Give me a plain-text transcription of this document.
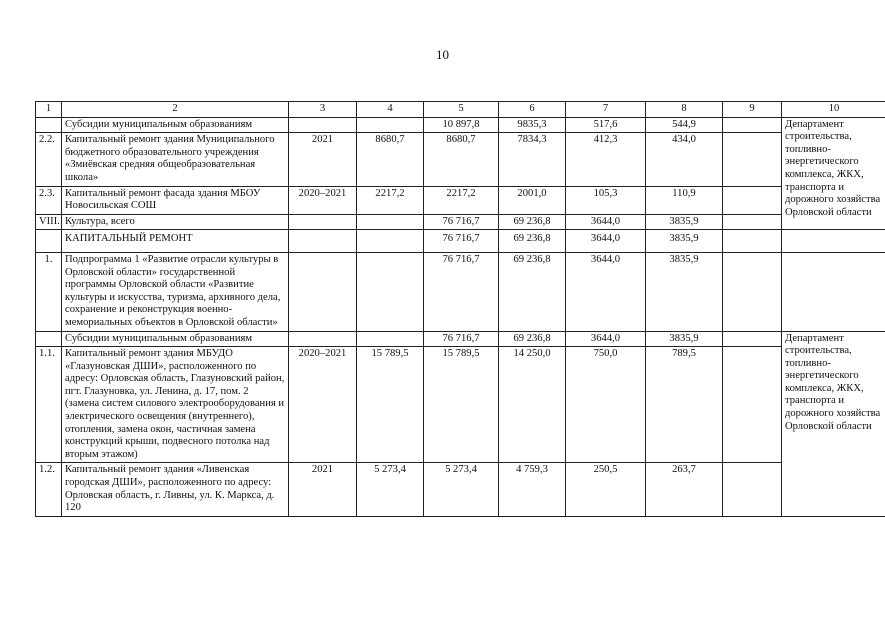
10
1	2	3	4	5	6	7	8	9	10
	Субсидии муниципальным образованиям			10 897,8	9835,3	517,6	544,9		Департамент строительства, топливно-энергетического комплекса, ЖКХ, транспорта и дорожного хозяйства Орловской области
2.2.	Капитальный ремонт здания Муниципального бюджетного образовательного учреждения «Змиёвская средняя общеобразовательная школа»	2021	8680,7	8680,7	7834,3	412,3	434,0		
2.3.	Капитальный ремонт фасада здания МБОУ Новосильская СОШ	2020–2021	2217,2	2217,2	2001,0	105,3	110,9		
VIII.	Культура, всего			76 716,7	69 236,8	3644,0	3835,9		
	КАПИТАЛЬНЫЙ РЕМОНТ			76 716,7	69 236,8	3644,0	3835,9		
1.	Подпрограмма 1 «Развитие отрасли культуры в Орловской области» государственной программы Орловской области «Развитие культуры и искусства, туризма, архивного дела, сохранение и реконструкция военно-мемориальных объектов в Орловской области»			76 716,7	69 236,8	3644,0	3835,9		
	Субсидии муниципальным образованиям			76 716,7	69 236,8	3644,0	3835,9		Департамент строительства, топливно-энергетического комплекса, ЖКХ, транспорта и дорожного хозяйства Орловской области
1.1.	Капитальный ремонт здания МБУДО «Глазуновская ДШИ», расположенного по адресу: Орловская область, Глазуновский район, пгт. Глазуновка, ул. Ленина, д. 17, пом. 2 (замена систем силового электрооборудования и электрического освещения (внутреннего), отопления, замена окон, частичная замена конструкций крыши, подвесного потолка над вторым этажом)	2020–2021	15 789,5	15 789,5	14 250,0	750,0	789,5		
1.2.	Капитальный ремонт здания «Ливенская городская ДШИ», расположенного по адресу: Орловская область, г. Ливны, ул. К. Маркса, д. 120	2021	5 273,4	5 273,4	4 759,3	250,5	263,7		
